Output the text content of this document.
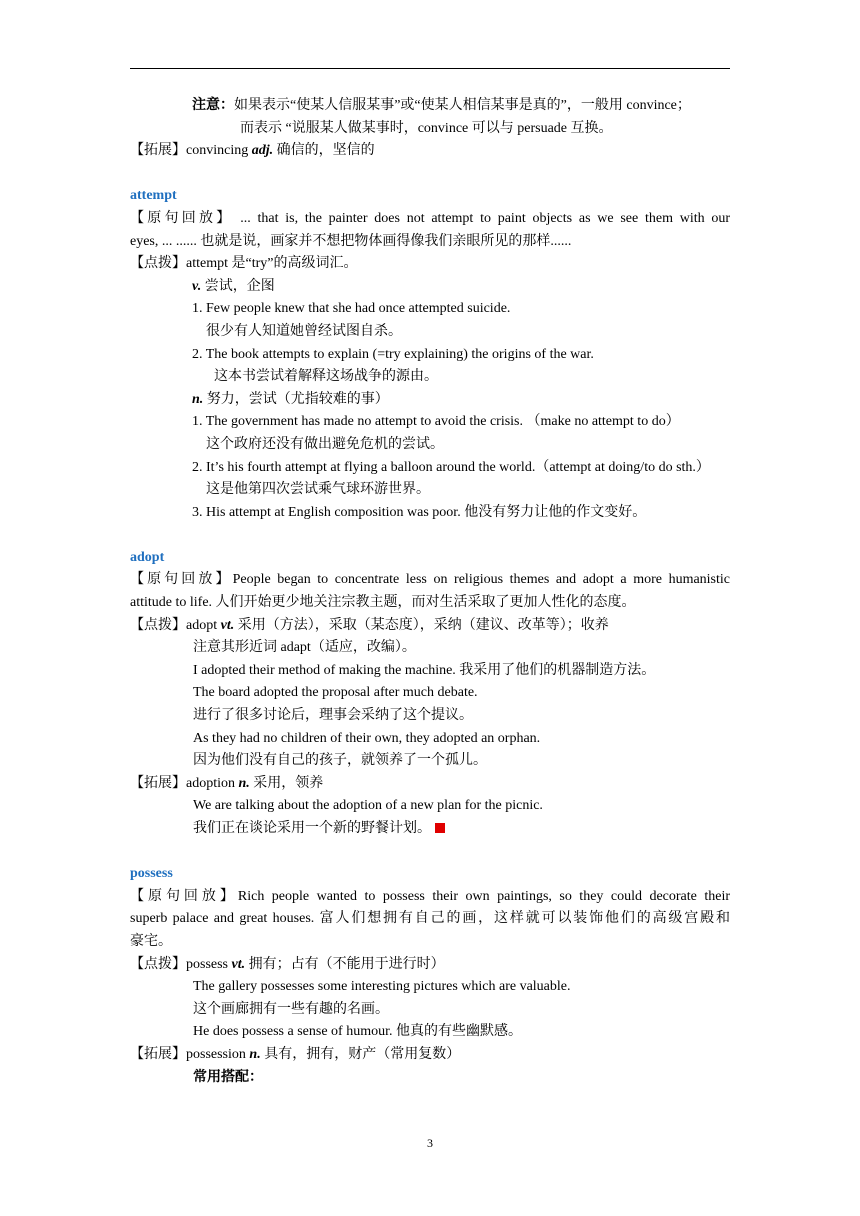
注意：如果表示“使某人信服某事”或“使某人相信某事是真的”，一般用 convince；
而表示 “说服某人做某事时，convince 可以与 persuade 互换。
【拓展】convincing adj. 确信的，坚信的
attempt
【原句回放】 ... that is, the painter does not attempt to paint objects as we see them with our
eyes, ... ...... 也就是说，画家并不想把物体画得像我们亲眼所见的那样......
【点拨】attempt 是“try”的高级词汇。
v. 尝试，企图
1. Few people knew that she had once attempted suicide.
很少有人知道她曾经试图自杀。
2. The book attempts to explain (=try explaining) the origins of the war.
这本书尝试着解释这场战争的源由。
n. 努力，尝试（尤指较难的事）
1. The government has made no attempt to avoid the crisis. （make no attempt to do）
这个政府还没有做出避免危机的尝试。
2. It’s his fourth attempt at flying a balloon around the world.（attempt at doing/to do sth.）
这是他第四次尝试乘气球环游世界。
3. His attempt at English composition was poor. 他没有努力让他的作文变好。
adopt
【原句回放】People began to concentrate less on religious themes and adopt a more humanistic
attitude to life. 人们开始更少地关注宗教主题，而对生活采取了更加人性化的态度。
【点拨】adopt vt. 采用（方法），采取（某态度），采纳（建议、改革等）；收养
注意其形近词 adapt（适应，改编）。
I adopted their method of making the machine. 我采用了他们的机器制造方法。
The board adopted the proposal after much debate.
进行了很多讨论后，理事会采纳了这个提议。
As they had no children of their own, they adopted an orphan.
因为他们没有自己的孩子，就领养了一个孤儿。
【拓展】adoption n. 采用，领养
We are talking about the adoption of a new plan for the picnic.
我们正在谈论采用一个新的野餐计划。
possess
【原句回放】Rich people wanted to possess their own paintings, so they could decorate their
superb palace and great houses. 富人们想拥有自己的画，这样就可以装饰他们的高级宫殿和
豪宅。
【点拨】possess vt. 拥有；占有（不能用于进行时）
The gallery possesses some interesting pictures which are valuable.
这个画廊拥有一些有趣的名画。
He does possess a sense of humour. 他真的有些幽默感。
【拓展】possession n. 具有，拥有，财产（常用复数）
常用搭配：
3
